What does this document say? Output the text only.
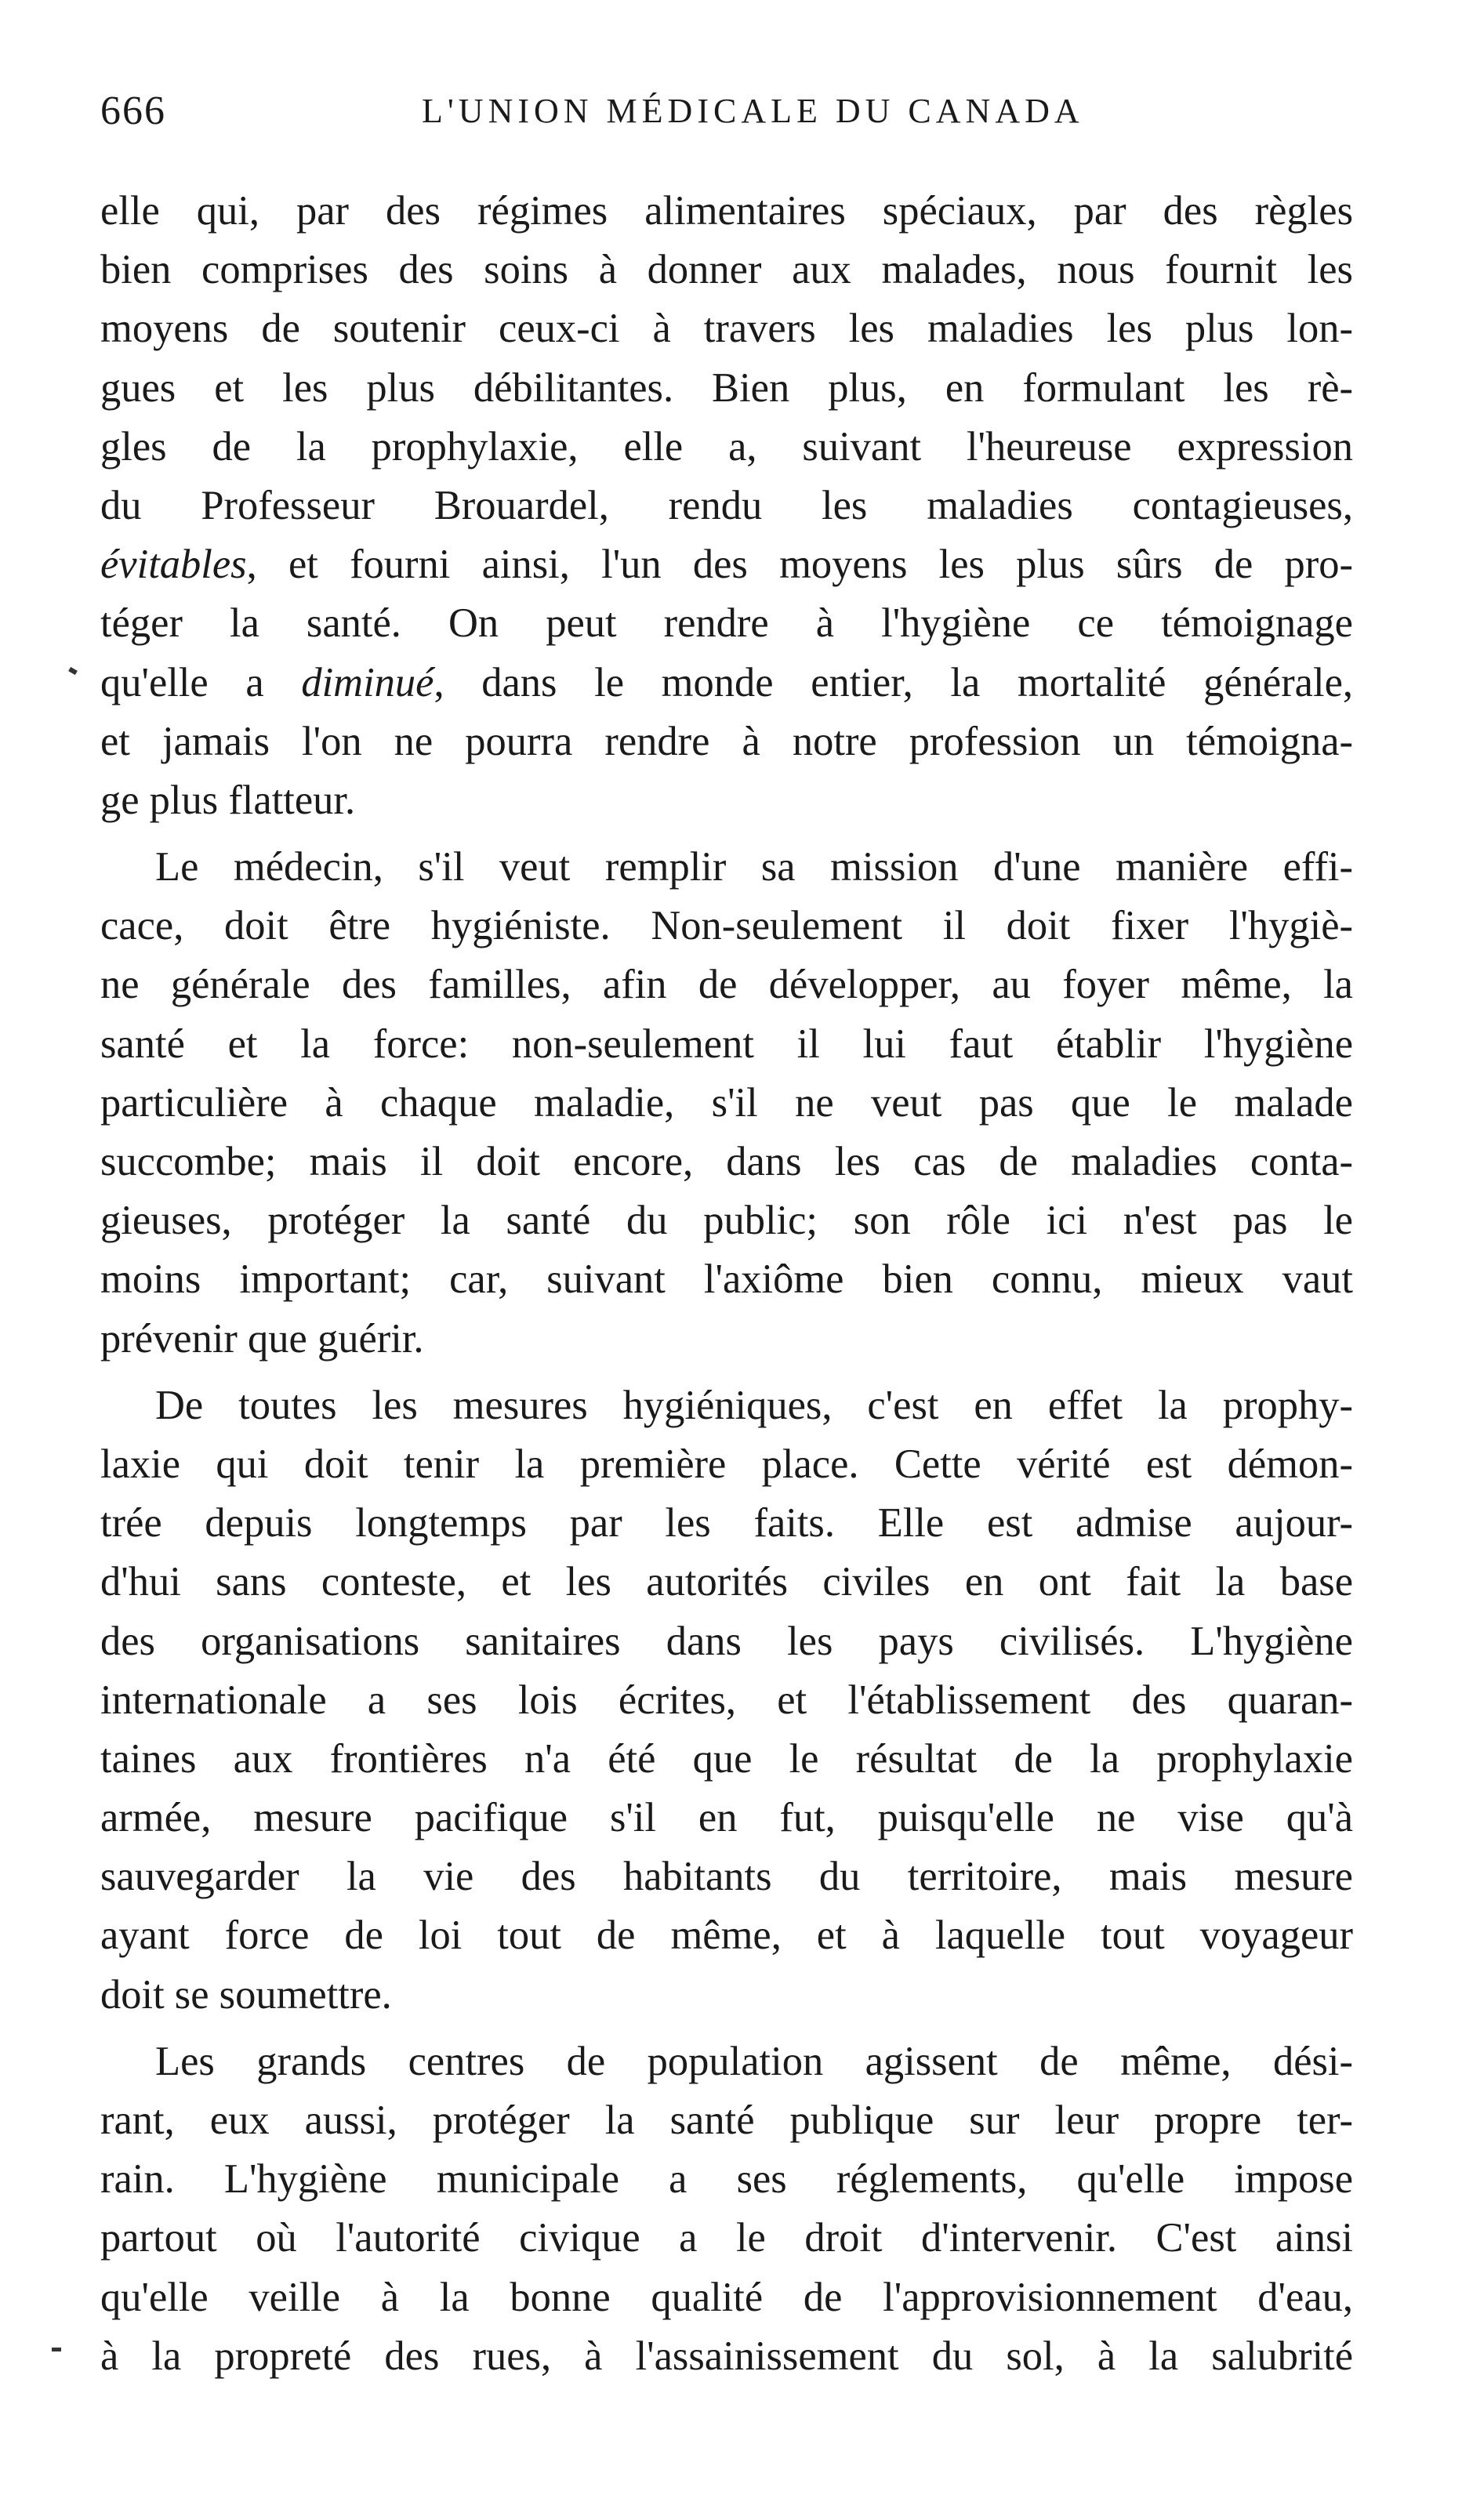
666	L'UNION MÉDICALE DU CANADA
elle qui, par des régimes alimentaires spéciaux, par des règles
bien comprises des soins à donner aux malades, nous fournit les
moyens de soutenir ceux-ci à travers les maladies les plus lon-
gues et les plus débilitantes. Bien plus, en formulant les rè-
gles de la prophylaxie, elle a, suivant l'heureuse expression
du Professeur Brouardel, rendu les maladies contagieuses,
évitables, et fourni ainsi, l'un des moyens les plus sûrs de pro-
téger la santé. On peut rendre à l'hygiène ce témoignage
qu'elle a diminué, dans le monde entier, la mortalité générale,
et jamais l'on ne pourra rendre à notre profession un témoigna-
ge plus flatteur.
Le médecin, s'il veut remplir sa mission d'une manière effi-
cace, doit être hygiéniste. Non-seulement il doit fixer l'hygiè-
ne générale des familles, afin de développer, au foyer même, la
santé et la force: non-seulement il lui faut établir l'hygiène
particulière à chaque maladie, s'il ne veut pas que le malade
succombe; mais il doit encore, dans les cas de maladies conta-
gieuses, protéger la santé du public; son rôle ici n'est pas le
moins important; car, suivant l'axiôme bien connu, mieux vaut
prévenir que guérir.
De toutes les mesures hygiéniques, c'est en effet la prophy-
laxie qui doit tenir la première place. Cette vérité est démon-
trée depuis longtemps par les faits. Elle est admise aujour-
d'hui sans conteste, et les autorités civiles en ont fait la base
des organisations sanitaires dans les pays civilisés. L'hygiène
internationale a ses lois écrites, et l'établissement des quaran-
taines aux frontières n'a été que le résultat de la prophylaxie
armée, mesure pacifique s'il en fut, puisqu'elle ne vise qu'à
sauvegarder la vie des habitants du territoire, mais mesure
ayant force de loi tout de même, et à laquelle tout voyageur
doit se soumettre.
Les grands centres de population agissent de même, dési-
rant, eux aussi, protéger la santé publique sur leur propre ter-
rain. L'hygiène municipale a ses réglements, qu'elle impose
partout où l'autorité civique a le droit d'intervenir. C'est ainsi
qu'elle veille à la bonne qualité de l'approvisionnement d'eau,
à la propreté des rues, à l'assainissement du sol, à la salubrité
